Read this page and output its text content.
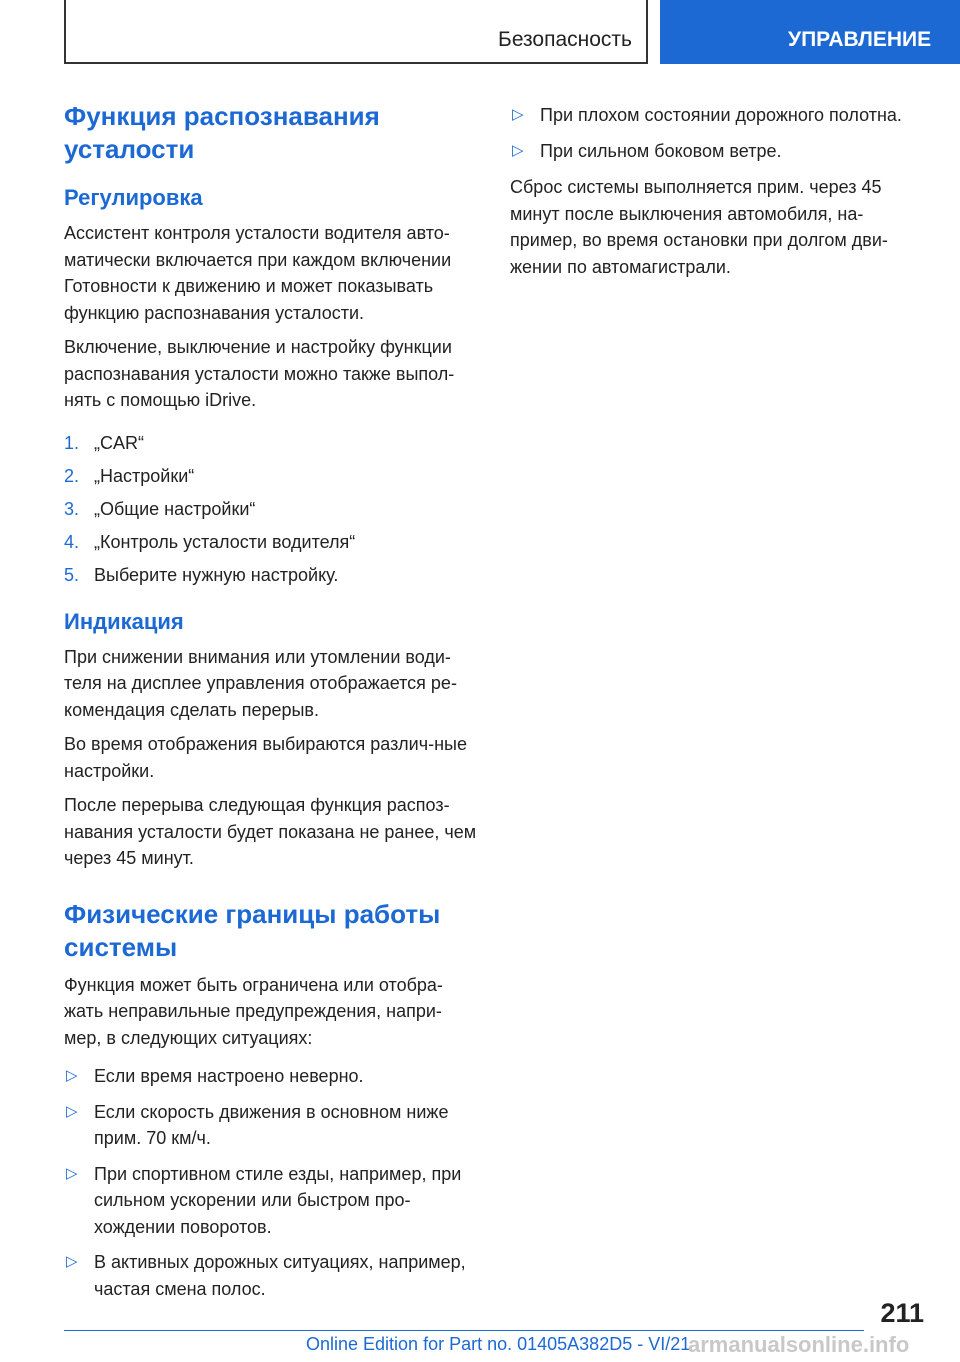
Безопасность	УПРАВЛЕНИЕ
Функция распознавания усталости
Регулировка

Ассистент контроля усталости водителя авто-матически включается при каждом включении Готовности к движению и может показывать функцию распознавания усталости.

Включение, выключение и настройку функции распознавания усталости можно также выпол-нять с помощью iDrive.

1. „CAR“
2. „Настройки“
3. „Общие настройки“
4. „Контроль усталости водителя“
5. Выберите нужную настройку.
Индикация

При снижении внимания или утомлении води-теля на дисплее управления отображается ре-комендация сделать перерыв.

Во время отображения выбираются различ-ные настройки.

После перерыва следующая функция распоз-навания усталости будет показана не ранее, чем через 45 минут.

Физические границы работы системы

Функция может быть ограничена или отобра-жать неправильные предупреждения, напри-мер, в следующих ситуациях:

▷ Если время настроено неверно.
▷ Если скорость движения в основном ниже прим. 70 км/ч.
▷ При спортивном стиле езды, например, при сильном ускорении или быстром про-хождении поворотов.
▷ В активных дорожных ситуациях, например, частая смена полос.
▷ При плохом состоянии дорожного полотна.
▷ При сильном боковом ветре.

Сброс системы выполняется прим. через 45 минут после выключения автомобиля, на-пример, во время остановки при долгом дви-жении по автомагистрали.

211
Online Edition for Part no. 01405A382D5 - VI/21
armanualsonline.info
